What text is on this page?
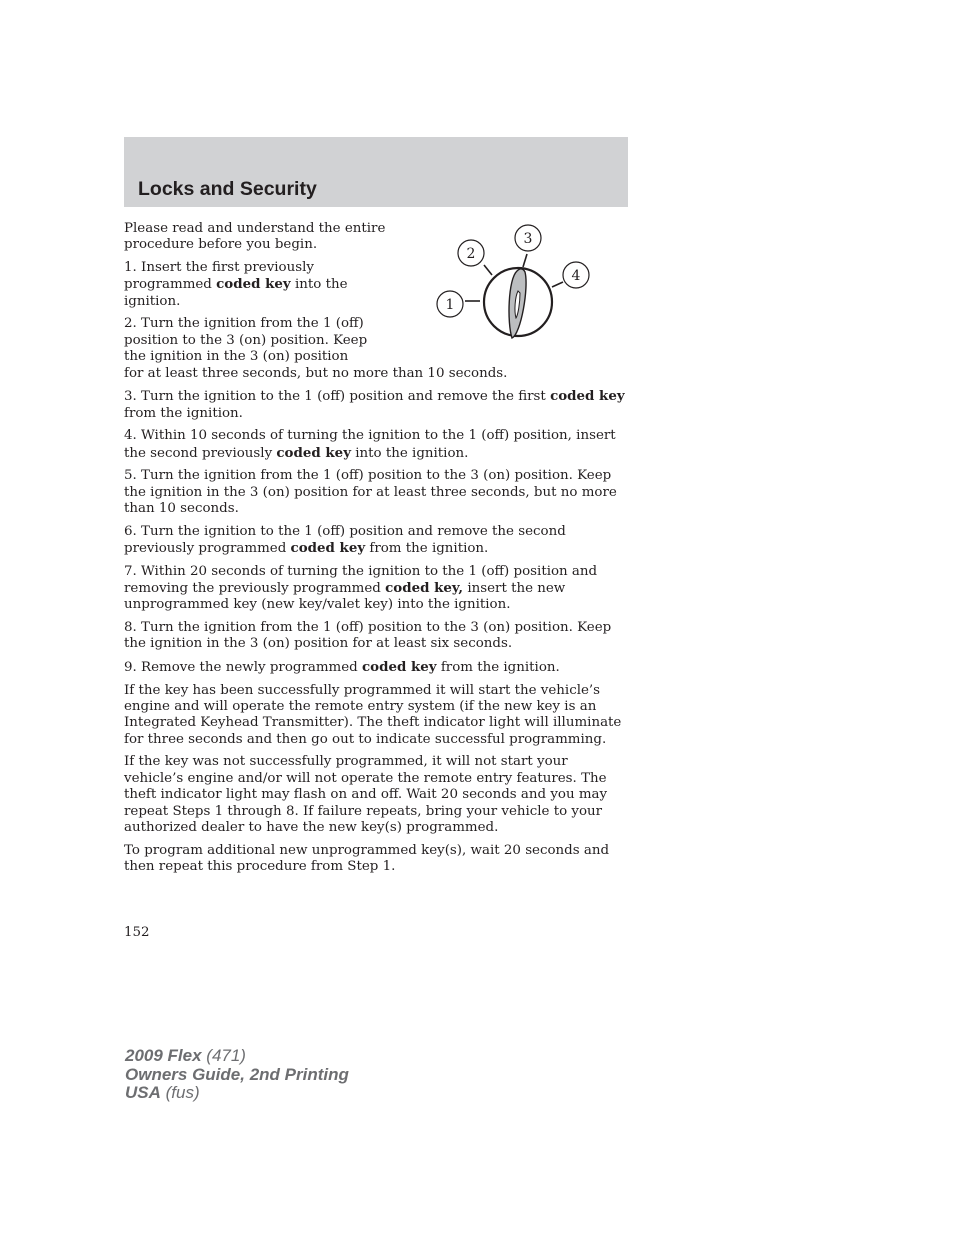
Locks and Security
1
2
3
4

Please read and understand the entire procedure before you begin.

1. Insert the first previously programmed coded key into the ignition.

2. Turn the ignition from the 1 (off) position to the 3 (on) position. Keep the ignition in the 3 (on) position
for at least three seconds, but no more than 10 seconds.

3. Turn the ignition to the 1 (off) position and remove the first coded key from the ignition.

4. Within 10 seconds of turning the ignition to the 1 (off) position, insert the second previously coded key into the ignition.

5. Turn the ignition from the 1 (off) position to the 3 (on) position. Keep the ignition in the 3 (on) position for at least three seconds, but no more than 10 seconds.

6. Turn the ignition to the 1 (off) position and remove the second previously programmed coded key from the ignition.

7. Within 20 seconds of turning the ignition to the 1 (off) position and removing the previously programmed coded key, insert the new unprogrammed key (new key/valet key) into the ignition.

8. Turn the ignition from the 1 (off) position to the 3 (on) position. Keep the ignition in the 3 (on) position for at least six seconds.

9. Remove the newly programmed coded key from the ignition.

If the key has been successfully programmed it will start the vehicle’s engine and will operate the remote entry system (if the new key is an Integrated Keyhead Transmitter). The theft indicator light will illuminate for three seconds and then go out to indicate successful programming.

If the key was not successfully programmed, it will not start your vehicle’s engine and/or will not operate the remote entry features. The theft indicator light may flash on and off. Wait 20 seconds and you may repeat Steps 1 through 8. If failure repeats, bring your vehicle to your authorized dealer to have the new key(s) programmed.

To program additional new unprogrammed key(s), wait 20 seconds and then repeat this procedure from Step 1.

152
2009 Flex (471)
Owners Guide, 2nd Printing
USA (fus)
